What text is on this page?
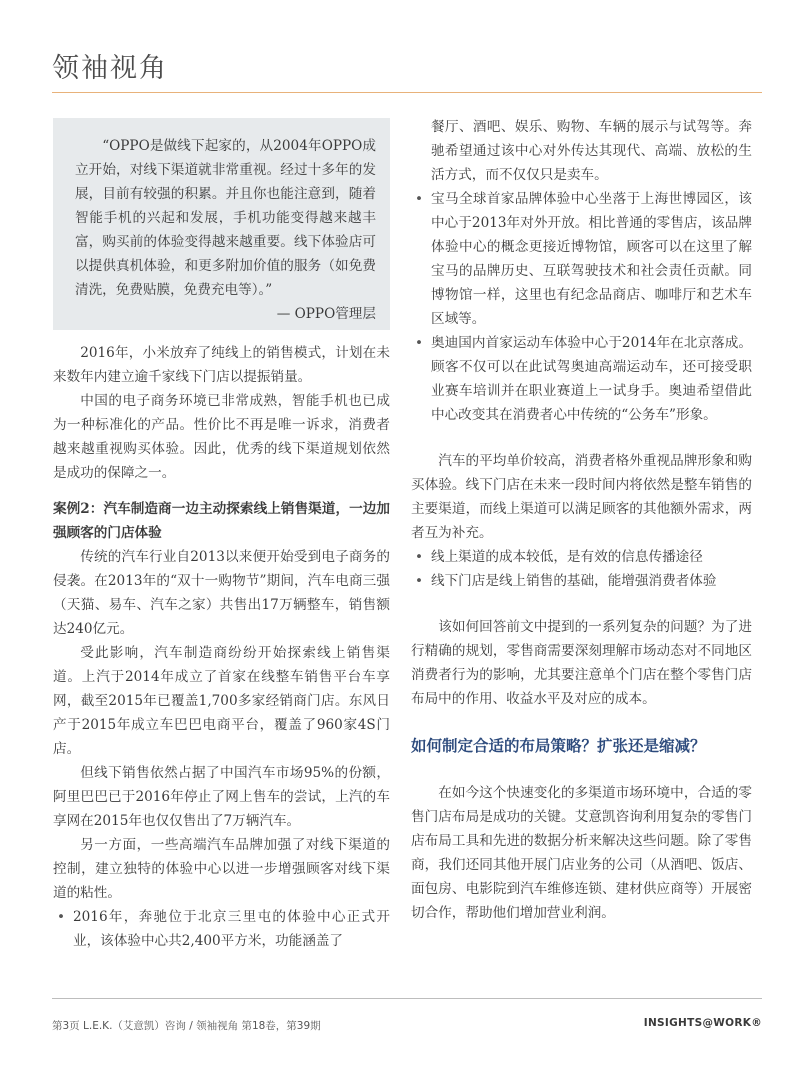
领袖视角

“OPPO是做线下起家的，从2004年OPPO成立开始，对线下渠道就非常重视。经过十多年的发展，目前有较强的积累。并且你也能注意到，随着智能手机的兴起和发展，手机功能变得越来越丰富，购买前的体验变得越来越重要。线下体验店可以提供真机体验，和更多附加价值的服务（如免费清洗，免费贴膜，免费充电等）。”

— OPPO管理层

2016年，小米放弃了纯线上的销售模式，计划在未来数年内建立逾千家线下门店以提振销量。

中国的电子商务环境已非常成熟，智能手机也已成为一种标准化的产品。性价比不再是唯一诉求，消费者越来越重视购买体验。因此，优秀的线下渠道规划依然是成功的保障之一。

案例2：汽车制造商一边主动探索线上销售渠道，一边加强顾客的门店体验

传统的汽车行业自2013以来便开始受到电子商务的侵袭。在2013年的“双十一购物节”期间，汽车电商三强（天猫、易车、汽车之家）共售出17万辆整车，销售额达240亿元。

受此影响，汽车制造商纷纷开始探索线上销售渠道。上汽于2014年成立了首家在线整车销售平台车享网，截至2015年已覆盖1,700多家经销商门店。东风日产于2015年成立车巴巴电商平台，覆盖了960家4S门店。

但线下销售依然占据了中国汽车市场95%的份额，阿里巴巴已于2016年停止了网上售车的尝试，上汽的车享网在2015年也仅仅售出了7万辆汽车。

另一方面，一些高端汽车品牌加强了对线下渠道的控制，建立独特的体验中心以进一步增强顾客对线下渠道的粘性。

• 2016年，奔驰位于北京三里屯的体验中心正式开业，该体验中心共2,400平方米，功能涵盖了

餐厅、酒吧、娱乐、购物、车辆的展示与试驾等。奔驰希望通过该中心对外传达其现代、高端、放松的生活方式，而不仅仅只是卖车。

• 宝马全球首家品牌体验中心坐落于上海世博园区，该中心于2013年对外开放。相比普通的零售店，该品牌体验中心的概念更接近博物馆，顾客可以在这里了解宝马的品牌历史、互联驾驶技术和社会责任贡献。同博物馆一样，这里也有纪念品商店、咖啡厅和艺术车区域等。
• 奥迪国内首家运动车体验中心于2014年在北京落成。顾客不仅可以在此试驾奥迪高端运动车，还可接受职业赛车培训并在职业赛道上一试身手。奥迪希望借此中心改变其在消费者心中传统的“公务车”形象。

汽车的平均单价较高，消费者格外重视品牌形象和购买体验。线下门店在未来一段时间内将依然是整车销售的主要渠道，而线上渠道可以满足顾客的其他额外需求，两者互为补充。

• 线上渠道的成本较低，是有效的信息传播途径
• 线下门店是线上销售的基础，能增强消费者体验

该如何回答前文中提到的一系列复杂的问题？为了进行精确的规划，零售商需要深刻理解市场动态对不同地区消费者行为的影响，尤其要注意单个门店在整个零售门店布局中的作用、收益水平及对应的成本。

如何制定合适的布局策略？扩张还是缩减？

在如今这个快速变化的多渠道市场环境中，合适的零售门店布局是成功的关键。艾意凯咨询利用复杂的零售门店布局工具和先进的数据分析来解决这些问题。除了零售商，我们还同其他开展门店业务的公司（从酒吧、饭店、面包房、电影院到汽车维修连锁、建材供应商等）开展密切合作，帮助他们增加营业利润。

第3页 L.E.K.（艾意凯）咨询 / 领袖视角 第18卷，第39期	INSIGHTS@WORK®
